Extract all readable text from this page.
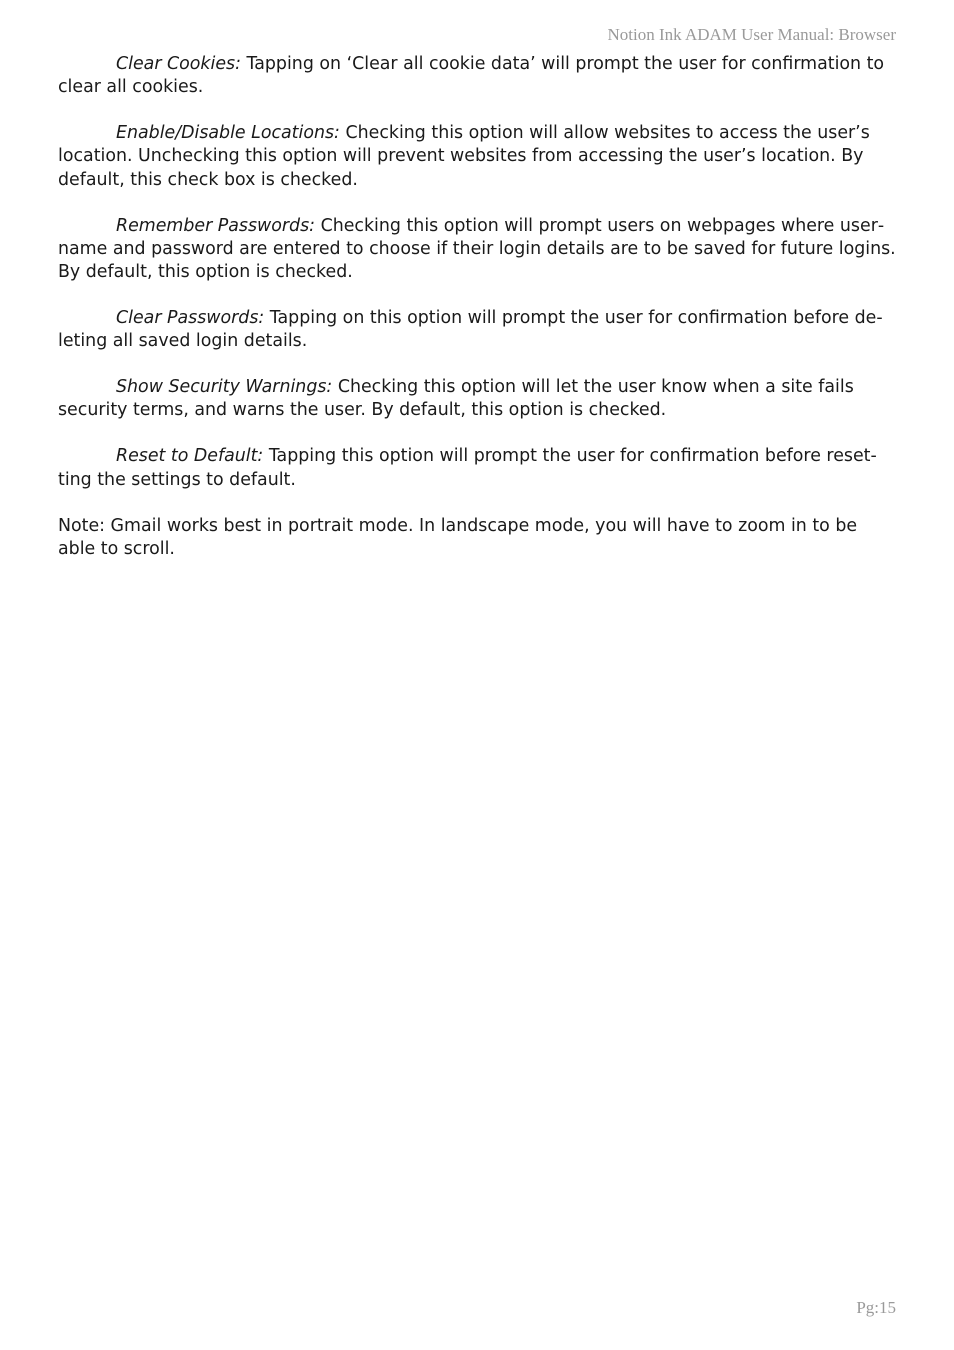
Notion Ink ADAM User Manual: Browser

Clear Cookies: Tapping on ‘Clear all cookie data’ will prompt the user for confirmation to clear all cookies.

Enable/Disable Locations: Checking this option will allow websites to access the user’s location. Unchecking this option will prevent websites from accessing the user’s location. By default, this check box is checked.

Remember Passwords: Checking this option will prompt users on webpages where username and password are entered to choose if their login details are to be saved for future logins. By default, this option is checked.

Clear Passwords: Tapping on this option will prompt the user for confirmation before deleting all saved login details.

Show Security Warnings: Checking this option will let the user know when a site fails security terms, and warns the user. By default, this option is checked.

Reset to Default: Tapping this option will prompt the user for confirmation before resetting the settings to default.

Note: Gmail works best in portrait mode. In landscape mode, you will have to zoom in to be able to scroll.

Pg:15
